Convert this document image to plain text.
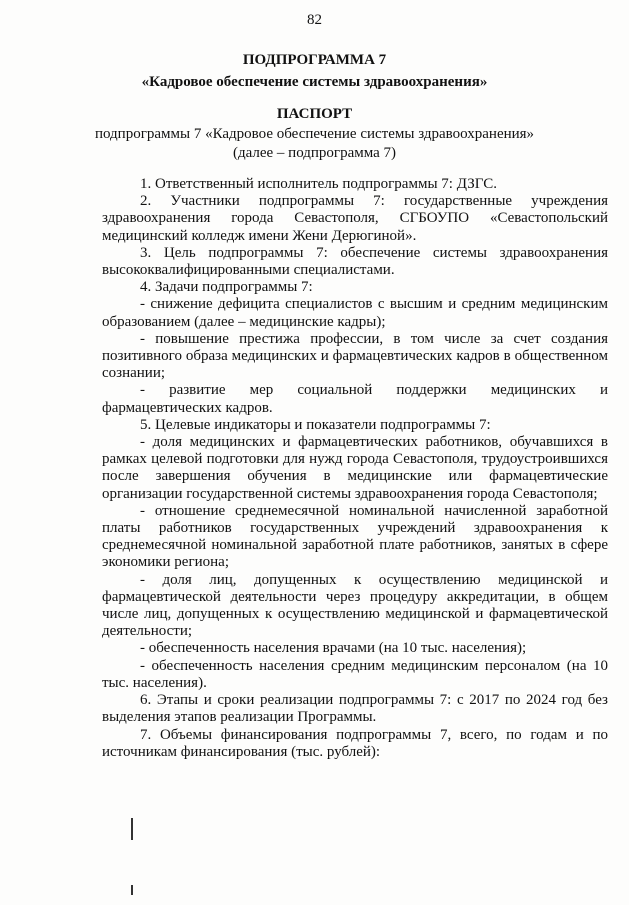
82
ПОДПРОГРАММА 7
«Кадровое обеспечение системы здравоохранения»
ПАСПОРТ
подпрограммы 7 «Кадровое обеспечение системы здравоохранения»
(далее – подпрограмма 7)

1. Ответственный исполнитель подпрограммы 7: ДЗГС.

2. Участники подпрограммы 7: государственные учреждения здравоохранения города Севастополя, СГБОУПО «Севастопольский медицинский колледж имени Жени Дерюгиной».

3. Цель подпрограммы 7: обеспечение системы здравоохранения высококвалифицированными специалистами.

4. Задачи подпрограммы 7:

- снижение дефицита специалистов с высшим и средним медицинским образованием (далее – медицинские кадры);

- повышение престижа профессии, в том числе за счет создания позитивного образа медицинских и фармацевтических кадров в общественном сознании;

- развитие мер социальной поддержки медицинских и фармацевтических кадров.

5. Целевые индикаторы и показатели подпрограммы 7:

- доля медицинских и фармацевтических работников, обучавшихся в рамках целевой подготовки для нужд города Севастополя, трудоустроившихся после завершения обучения в медицинские или фармацевтические организации государственной системы здравоохранения города Севастополя;

- отношение среднемесячной номинальной начисленной заработной платы работников государственных учреждений здравоохранения к среднемесячной номинальной заработной плате работников, занятых в сфере экономики региона;

- доля лиц, допущенных к осуществлению медицинской и фармацевтической деятельности через процедуру аккредитации, в общем числе лиц, допущенных к осуществлению медицинской и фармацевтической деятельности;

- обеспеченность населения врачами (на 10 тыс. населения);

- обеспеченность населения средним медицинским персоналом (на 10 тыс. населения).

6. Этапы и сроки реализации подпрограммы 7: с 2017 по 2024 год без выделения этапов реализации Программы.

7. Объемы финансирования подпрограммы 7, всего, по годам и по источникам финансирования (тыс. рублей):
